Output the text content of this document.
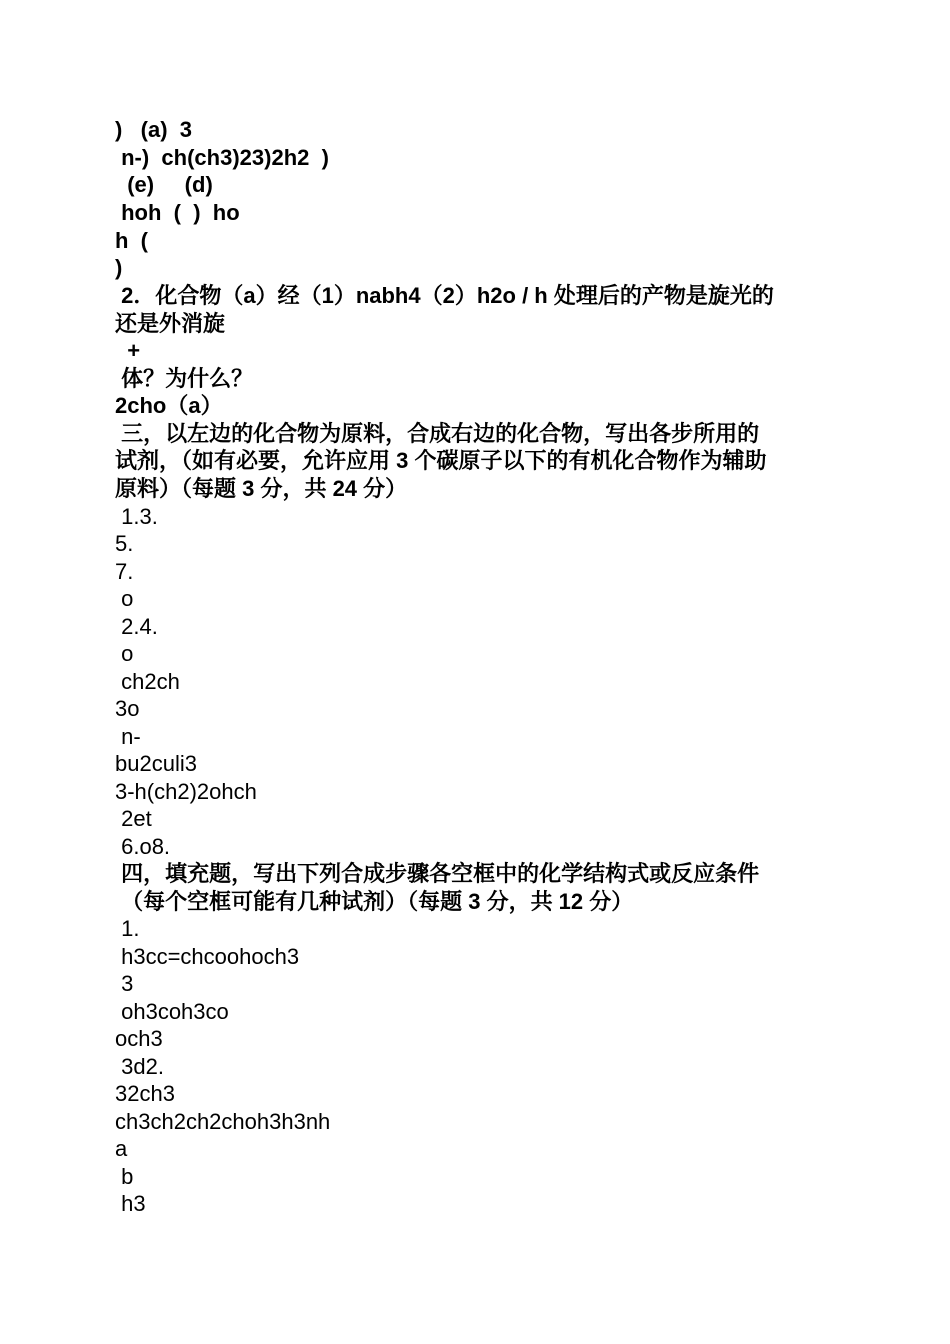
)   (a)  3
n-)  ch(ch3)23)2h2  )
(e)     (d)
hoh  (  )  ho
h  (
)
2．化合物（a）经（1）nabh4（2）h2o / h 处理后的产物是旋光的
还是外消旋
+
体？为什么？
2cho（a）
三，以左边的化合物为原料，合成右边的化合物，写出各步所用的
试剂，（如有必要，允许应用 3 个碳原子以下的有机化合物作为辅助
原料）（每题 3 分，共 24 分）
1.3.
5.
7.
o
2.4.
o
ch2ch
3o
n-
bu2culi3
3-h(ch2)2ohch
2et
6.o8.
四，填充题，写出下列合成步骤各空框中的化学结构式或反应条件
（每个空框可能有几种试剂）（每题 3 分，共 12 分）
1.
h3cc=chcoohoch3
3
oh3coh3co
och3
3d2.
32ch3
ch3ch2ch2choh3h3nh
a
b
h3
